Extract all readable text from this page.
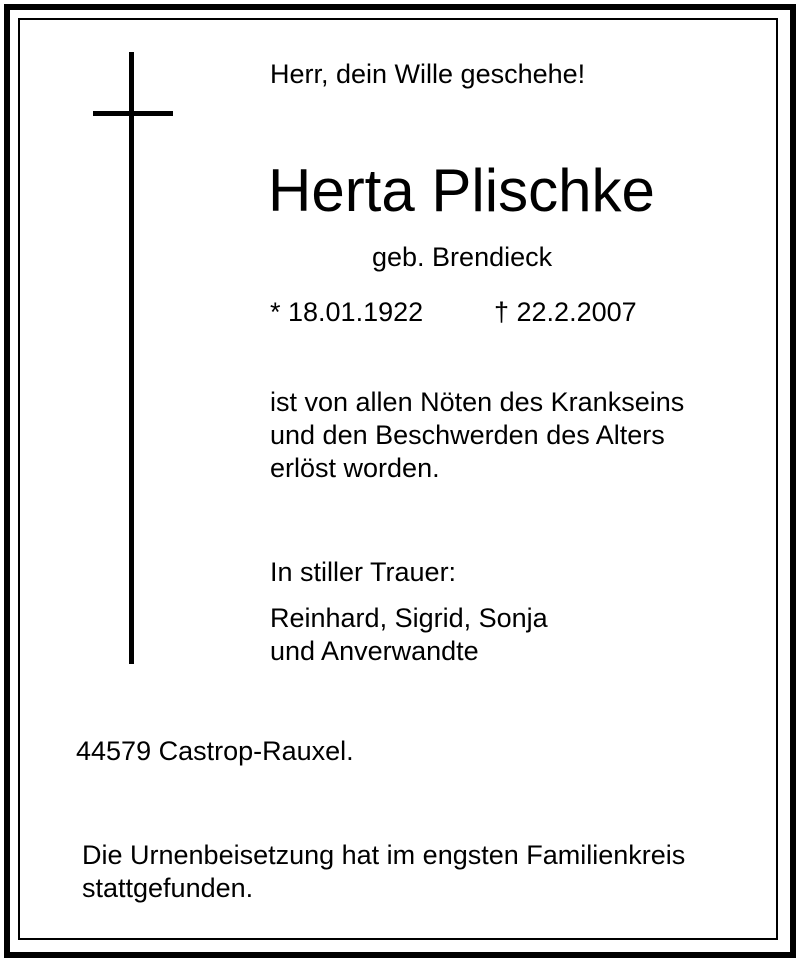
Herr, dein Wille geschehe!
Herta Plischke
geb. Brendieck
* 18.01.1922	† 22.2.2007
ist von allen Nöten des Krankseins
und den Beschwerden des Alters
erlöst worden.
In stiller Trauer:
Reinhard, Sigrid, Sonja
und Anverwandte
44579 Castrop-Rauxel.
Die Urnenbeisetzung hat im engsten Familienkreis
stattgefunden.
